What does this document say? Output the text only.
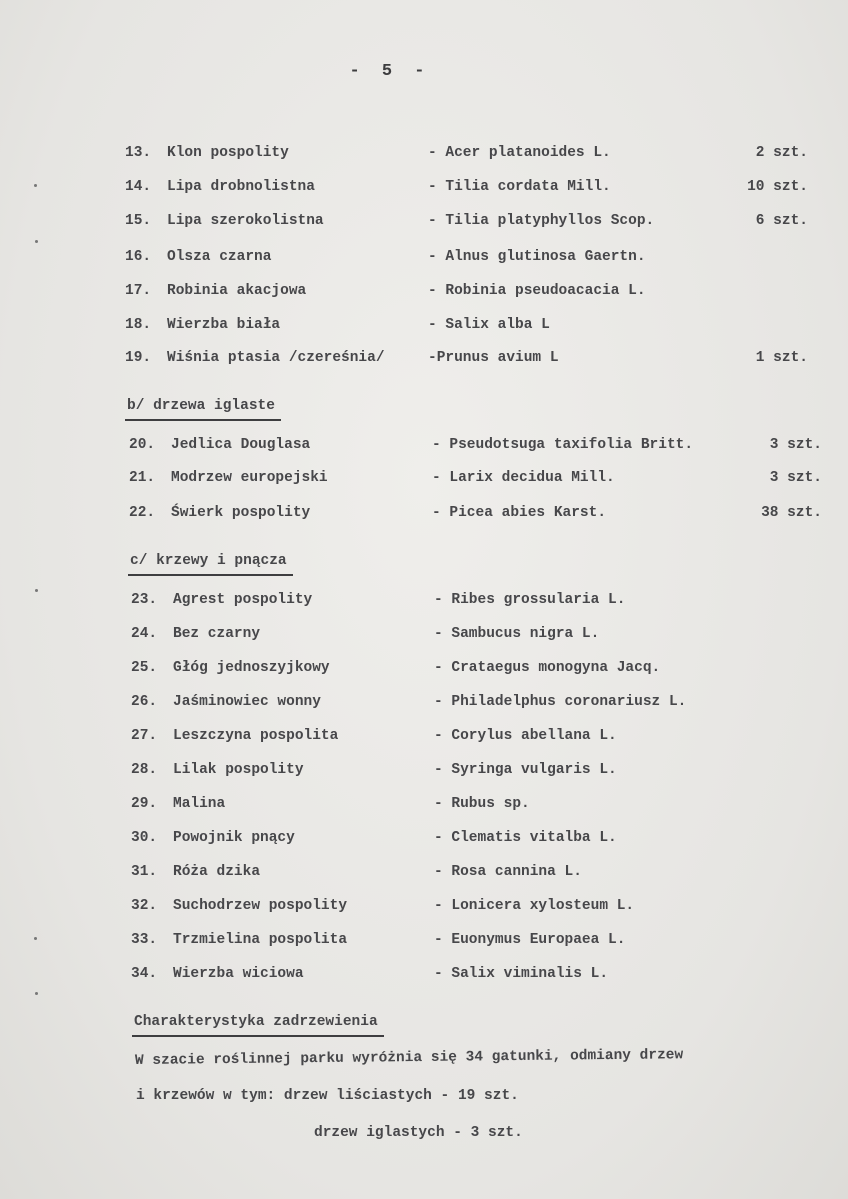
- 5 -
13. Klon pospolity	- Acer platanoides L.	2 szt.
14. Lipa drobnolistna	- Tilia cordata Mill.	10 szt.
15. Lipa szerokolistna	- Tilia platyphyllos Scop.	6 szt.
16. Olsza czarna	- Alnus glutinosa Gaertn.
17. Robinia akacjowa	- Robinia pseudoacacia L.
18. Wierzba biała	- Salix alba L
19. Wiśnia ptasia /czereśnia/	-Prunus avium L	1 szt.
20. Jedlica Douglasa	- Pseudotsuga taxifolia Britt.	3 szt.
21. Modrzew europejski	- Larix decidua Mill.	3 szt.
22. Świerk pospolity	- Picea abies Karst.	38 szt.
23. Agrest pospolity	- Ribes grossularia L.
24. Bez czarny	- Sambucus nigra L.
25. Głóg jednoszyjkowy	- Crataegus monogyna Jacq.
26. Jaśminowiec wonny	- Philadelphus coronariusz L.
27. Leszczyna pospolita	- Corylus abellana L.
28. Lilak pospolity	- Syringa vulgaris L.
29. Malina	- Rubus sp.
30. Powojnik pnący	- Clematis vitalba L.
31. Róża dzika	- Rosa cannina L.
32. Suchodrzew pospolity	- Lonicera xylosteum L.
33. Trzmielina pospolita	- Euonymus Europaea L.
34. Wierzba wiciowa	- Salix viminalis L.
b/ drzewa iglaste
c/ krzewy i pnącza
Charakterystyka zadrzewienia
W szacie roślinnej parku wyróżnia się 34 gatunki, odmiany drzew
i krzewów w tym: drzew liściastych - 19 szt.
drzew iglastych - 3 szt.
